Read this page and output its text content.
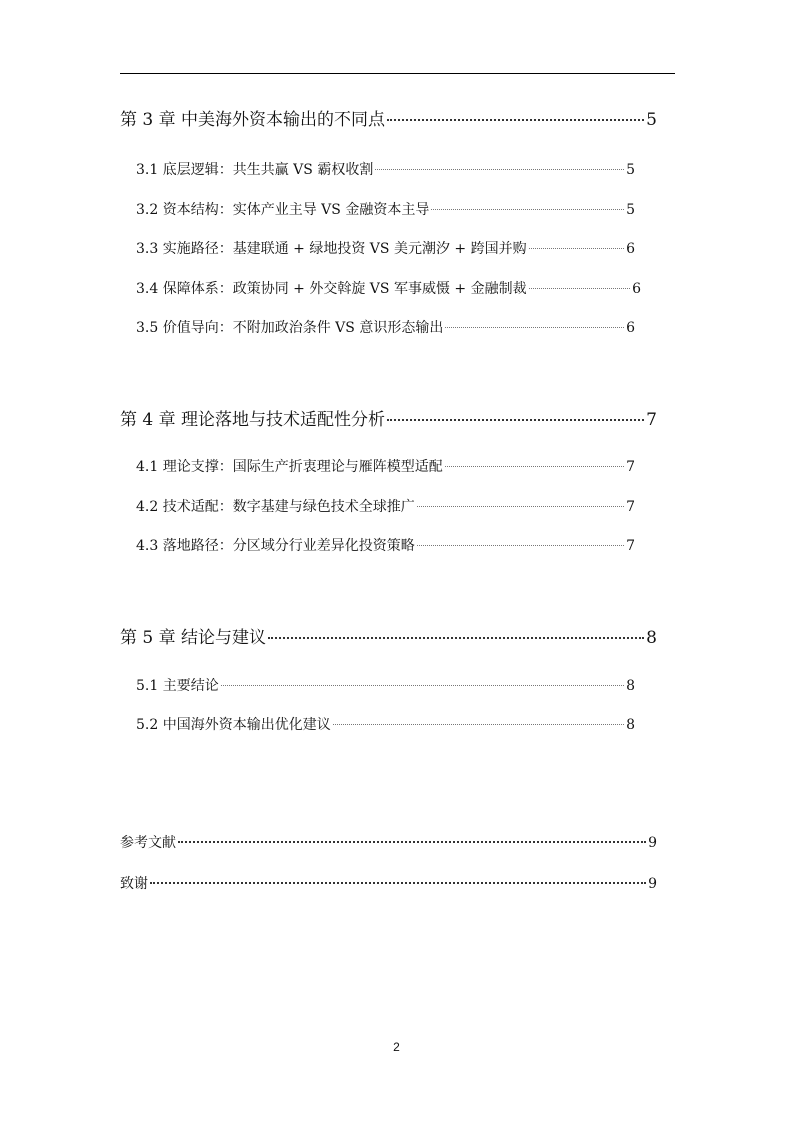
第 3 章 中美海外资本输出的不同点	5
3.1 底层逻辑：共生共赢 VS 霸权收割	5
3.2 资本结构：实体产业主导 VS 金融资本主导	5
3.3 实施路径：基建联通 + 绿地投资 VS 美元潮汐 + 跨国并购	6
3.4 保障体系：政策协同 + 外交斡旋 VS 军事威慑 + 金融制裁	6
3.5 价值导向：不附加政治条件 VS 意识形态输出	6
第 4 章 理论落地与技术适配性分析	7
4.1 理论支撑：国际生产折衷理论与雁阵模型适配	7
4.2 技术适配：数字基建与绿色技术全球推广	7
4.3 落地路径：分区域分行业差异化投资策略	7
第 5 章 结论与建议	8
5.1 主要结论	8
5.2 中国海外资本输出优化建议	8
参考文献	9
致谢	9
2
